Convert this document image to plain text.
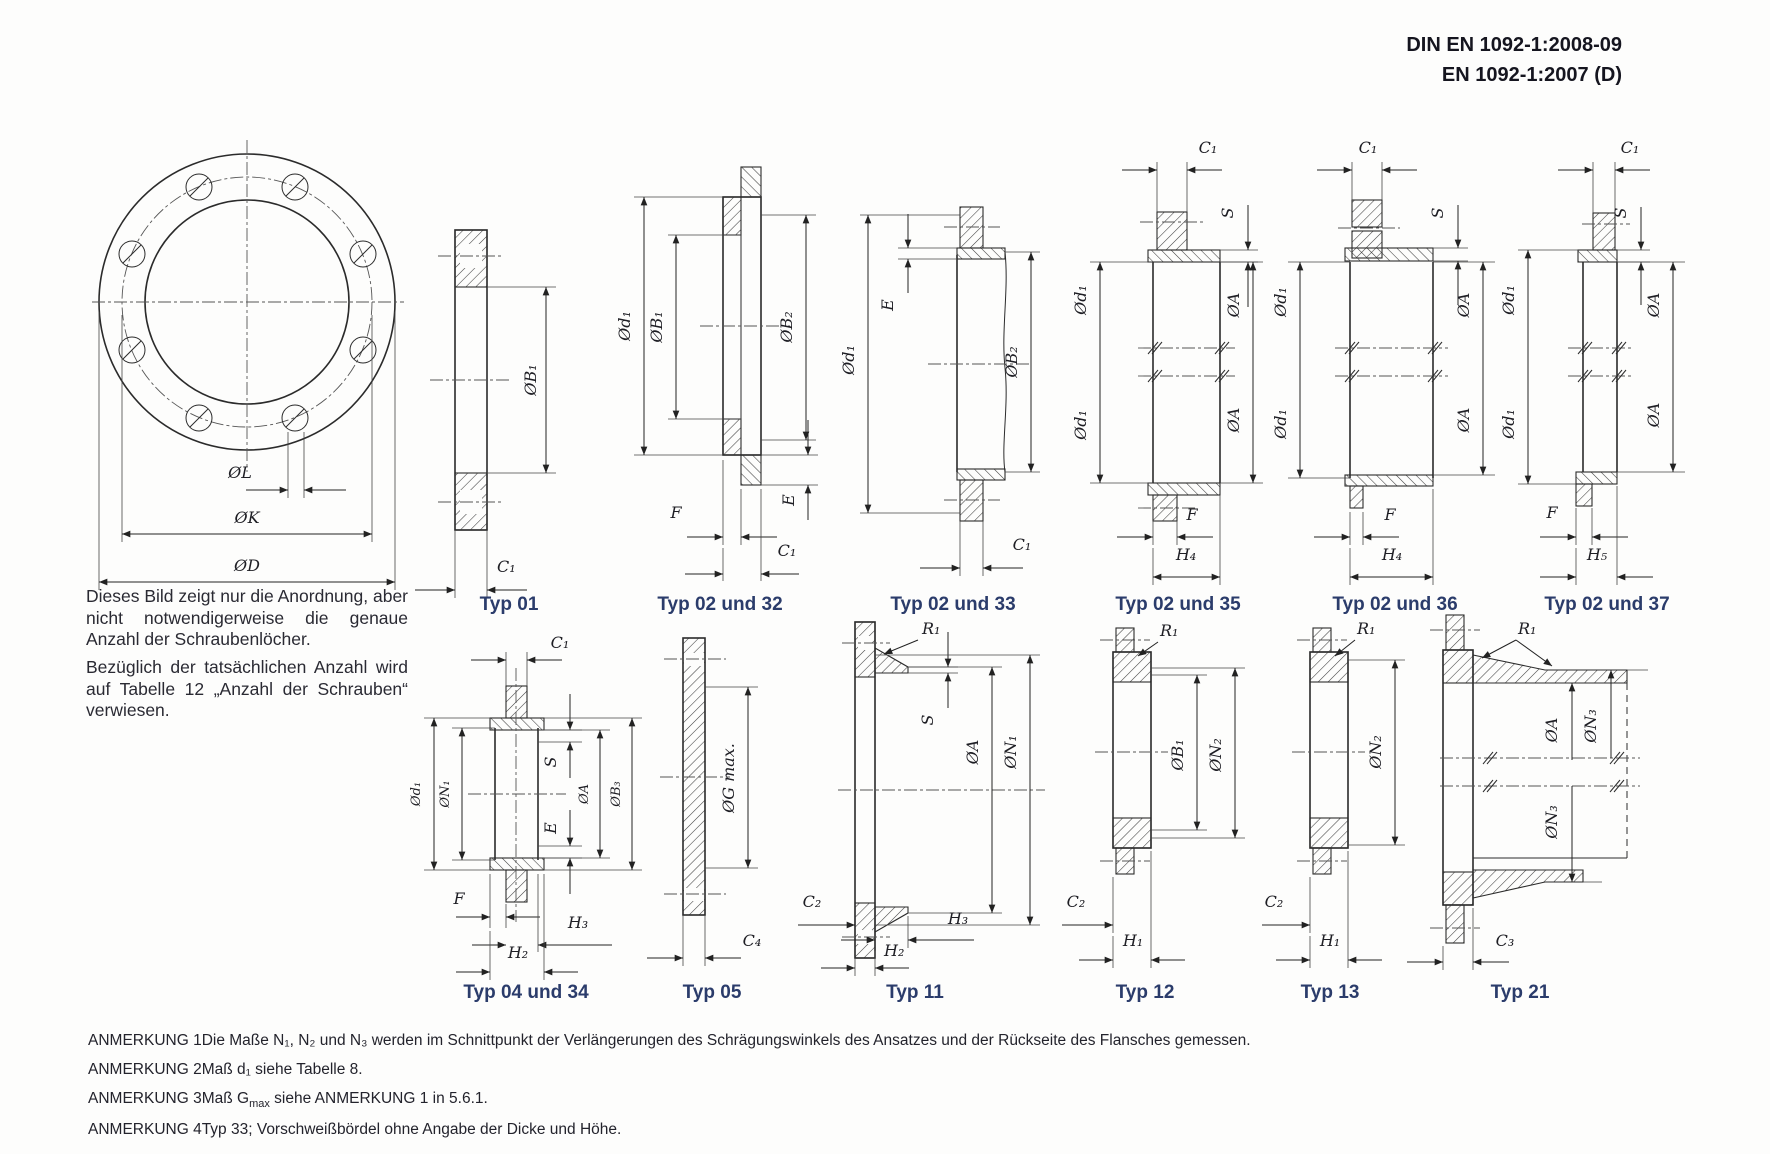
DIN EN 1092-1:2008-09
EN 1092-1:2007 (D)
ØL
ØK
ØD
ØB₁
C₁
Typ 01
Ød₁ ØB₁	ØB₂
E
F
C₁
Typ 02 und 32
E
Ød₁	ØB₂
C₁
Typ 02 und 33
C₁
S
Ød₁
Ød₁
ØA
ØA
F
H₄
Typ 02 und 35
C₁
S
Ød₁
Ød₁
ØA
ØA
F
H₄
Typ 02 und 36
C₁
S
Ød₁
Ød₁
ØA
ØA
F
H₅
Typ 02 und 37
C₁
Ød₁ ØN₁
S
E
ØA ØB₃
F
H₃
H₂
Typ 04 und 34
ØG max.
C₄
Typ 05
R₁
S
ØA ØN₁
H₃
H₂
C₂
Typ 11
R₁
ØB₁ ØN₂
C₂
H₁
Typ 12
R₁
ØN₂
C₂
H₁
Typ 13
R₁
ØA ØN₃
ØN₃
C₃
Typ 21

Dieses Bild zeigt nur die Anordnung, aber nicht notwendigerweise die genaue Anzahl der Schraubenlöcher.

Bezüglich der tatsächlichen Anzahl wird auf Tabelle 12 „Anzahl der Schrauben“ verwiesen.

ANMERKUNG 1 Die Maße N₁, N₂ und N₃ werden im Schnittpunkt der Verlängerungen des Schrägungswinkels des Ansatzes und der Rückseite des Flansches gemessen.
ANMERKUNG 2 Maß d₁ siehe Tabelle 8.
ANMERKUNG 3 Maß $G_{max}$ siehe ANMERKUNG 1 in 5.6.1.
ANMERKUNG 4 Typ 33; Vorschweißbördel ohne Angabe der Dicke und Höhe.
